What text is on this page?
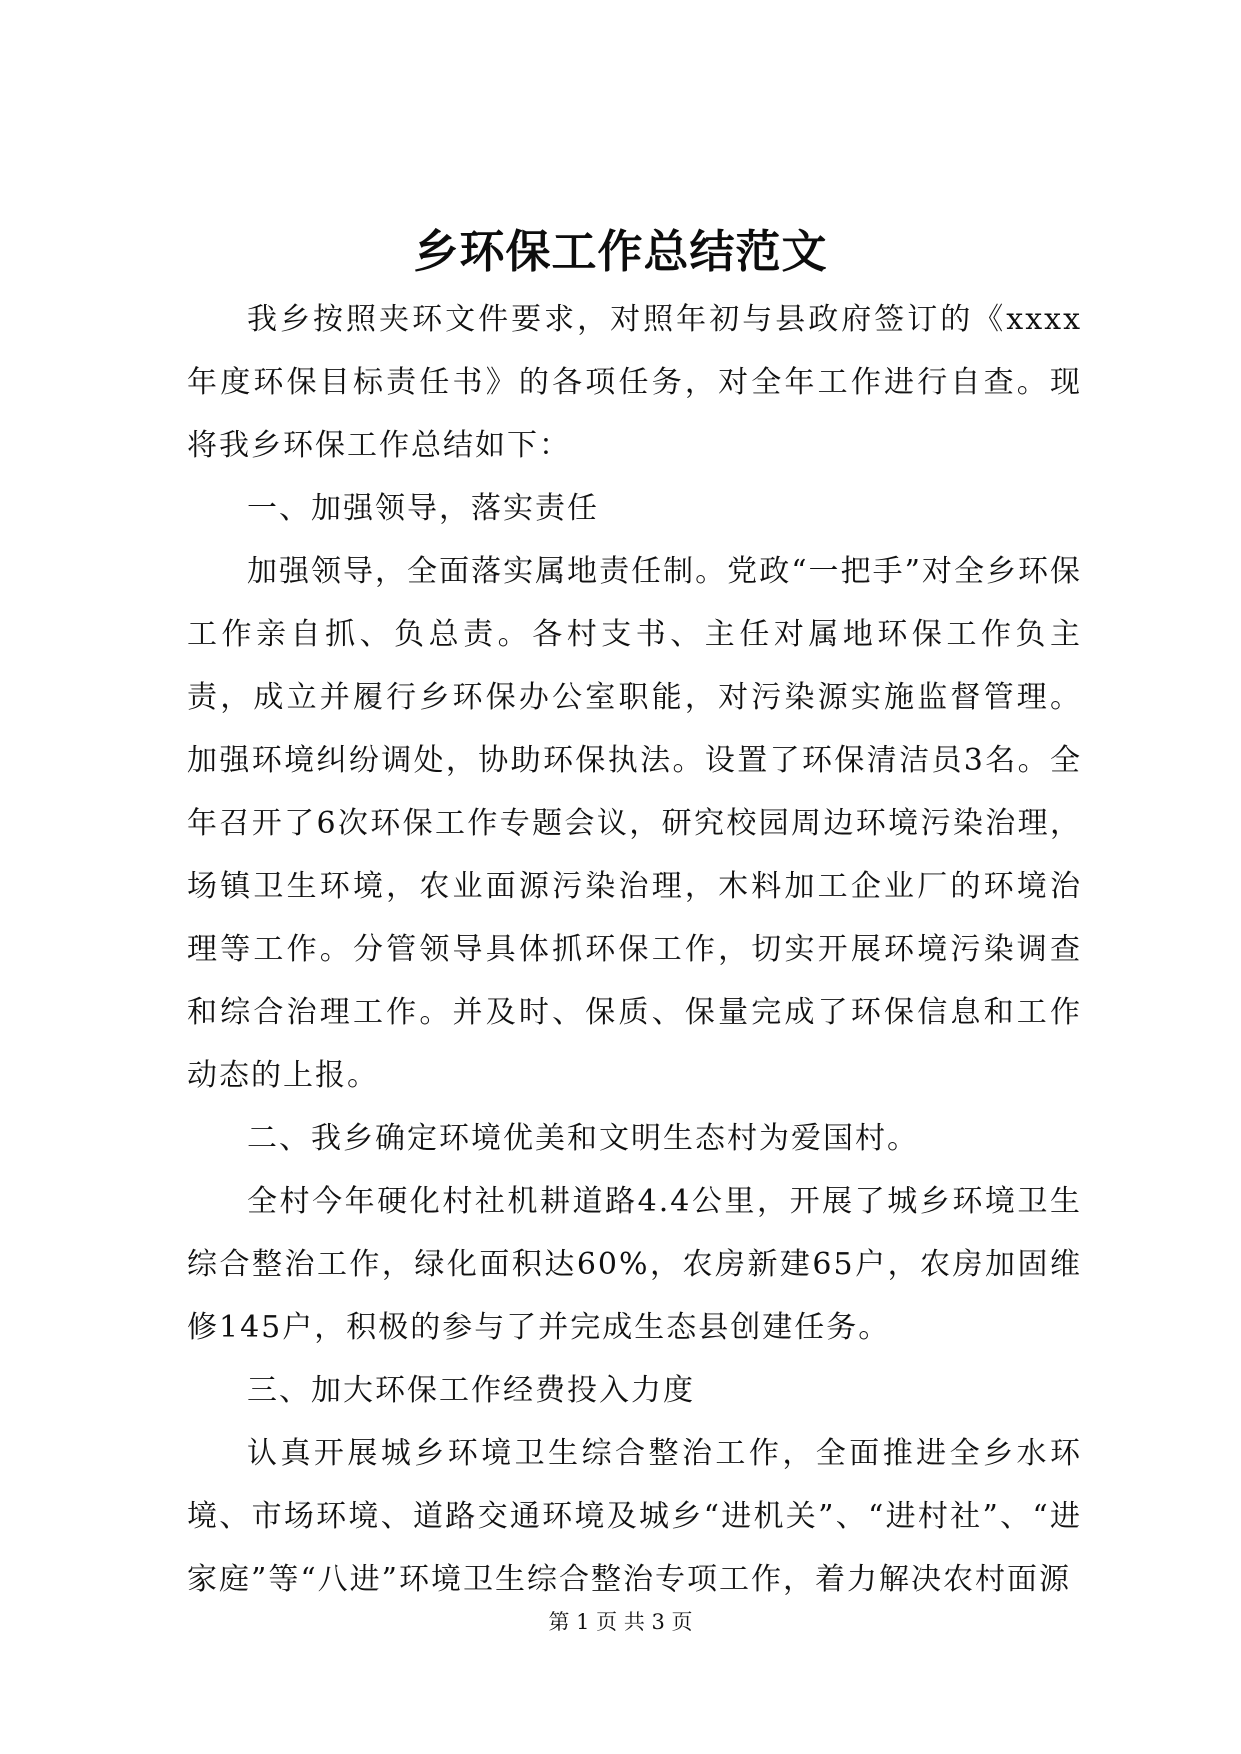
乡环保工作总结范文

我乡按照夹环文件要求，对照年初与县政府签订的《xxxx年度环保目标责任书》的各项任务，对全年工作进行自查。现将我乡环保工作总结如下：

一、加强领导，落实责任

加强领导，全面落实属地责任制。党政“一把手”对全乡环保工作亲自抓、负总责。各村支书、主任对属地环保工作负主责，成立并履行乡环保办公室职能，对污染源实施监督管理。加强环境纠纷调处，协助环保执法。设置了环保清洁员3名。全年召开了6次环保工作专题会议，研究校园周边环境污染治理，场镇卫生环境，农业面源污染治理，木料加工企业厂的环境治理等工作。分管领导具体抓环保工作，切实开展环境污染调查和综合治理工作。并及时、保质、保量完成了环保信息和工作动态的上报。

二、我乡确定环境优美和文明生态村为爱国村。

全村今年硬化村社机耕道路4.4公里，开展了城乡环境卫生综合整治工作，绿化面积达60%，农房新建65户，农房加固维修145户，积极的参与了并完成生态县创建任务。

三、加大环保工作经费投入力度

认真开展城乡环境卫生综合整治工作，全面推进全乡水环境、市场环境、道路交通环境及城乡“进机关”、“进村社”、“进家庭”等“八进”环境卫生综合整治专项工作，着力解决农村面源

第 1 页 共 3 页
